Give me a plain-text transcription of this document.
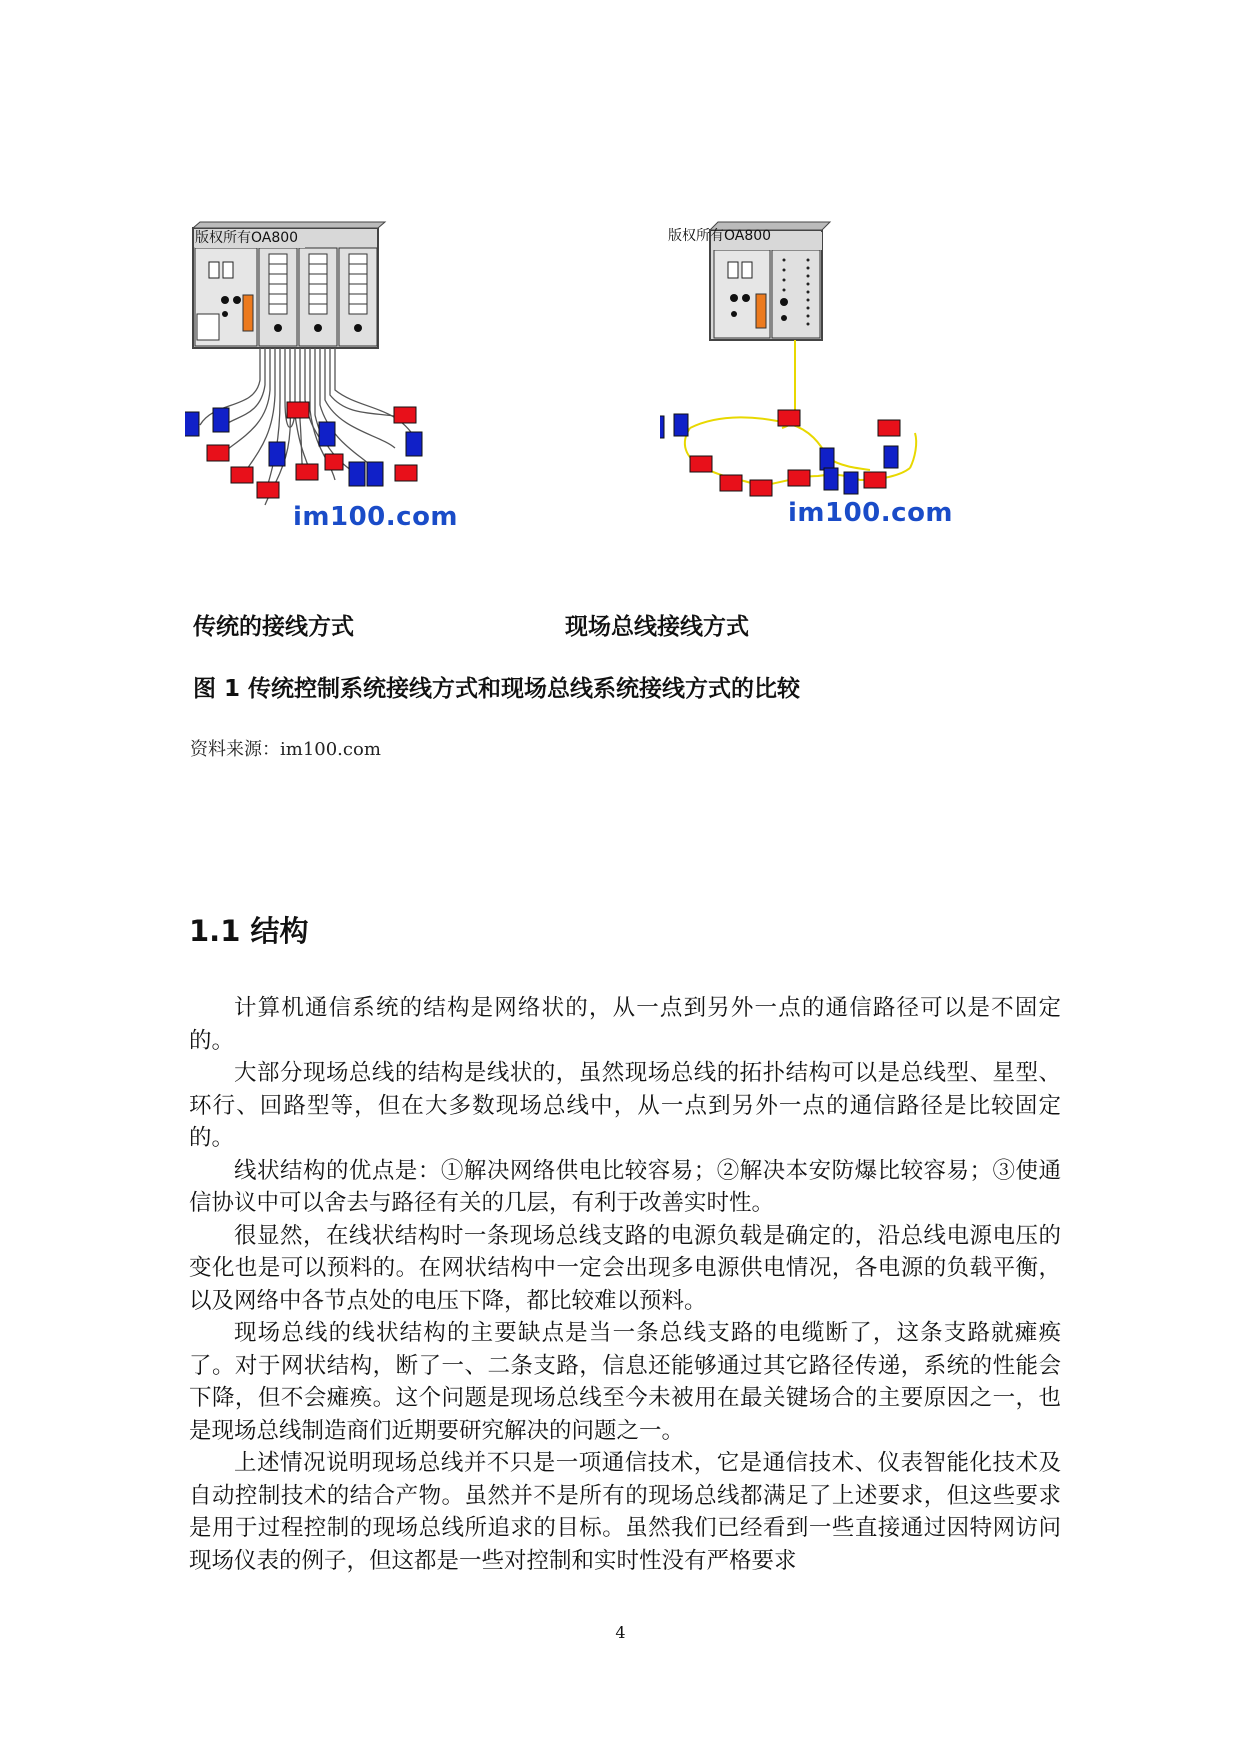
版权所有OA800
im100.com
版权所有OA800
im100.com
传统的接线方式	现场总线接线方式
图 1 传统控制系统接线方式和现场总线系统接线方式的比较
资料来源：im100.com
1.1 结构

计算机通信系统的结构是网络状的，从一点到另外一点的通信路径可以是不固定的。

大部分现场总线的结构是线状的，虽然现场总线的拓扑结构可以是总线型、星型、环行、回路型等，但在大多数现场总线中，从一点到另外一点的通信路径是比较固定的。

线状结构的优点是：①解决网络供电比较容易；②解决本安防爆比较容易；③使通信协议中可以舍去与路径有关的几层，有利于改善实时性。

很显然，在线状结构时一条现场总线支路的电源负载是确定的，沿总线电源电压的变化也是可以预料的。在网状结构中一定会出现多电源供电情况，各电源的负载平衡，以及网络中各节点处的电压下降，都比较难以预料。

现场总线的线状结构的主要缺点是当一条总线支路的电缆断了，这条支路就瘫痪了。对于网状结构，断了一、二条支路，信息还能够通过其它路径传递，系统的性能会下降，但不会瘫痪。这个问题是现场总线至今未被用在最关键场合的主要原因之一，也是现场总线制造商们近期要研究解决的问题之一。

上述情况说明现场总线并不只是一项通信技术，它是通信技术、仪表智能化技术及自动控制技术的结合产物。虽然并不是所有的现场总线都满足了上述要求，但这些要求是用于过程控制的现场总线所追求的目标。虽然我们已经看到一些直接通过因特网访问现场仪表的例子，但这都是一些对控制和实时性没有严格要求

4
